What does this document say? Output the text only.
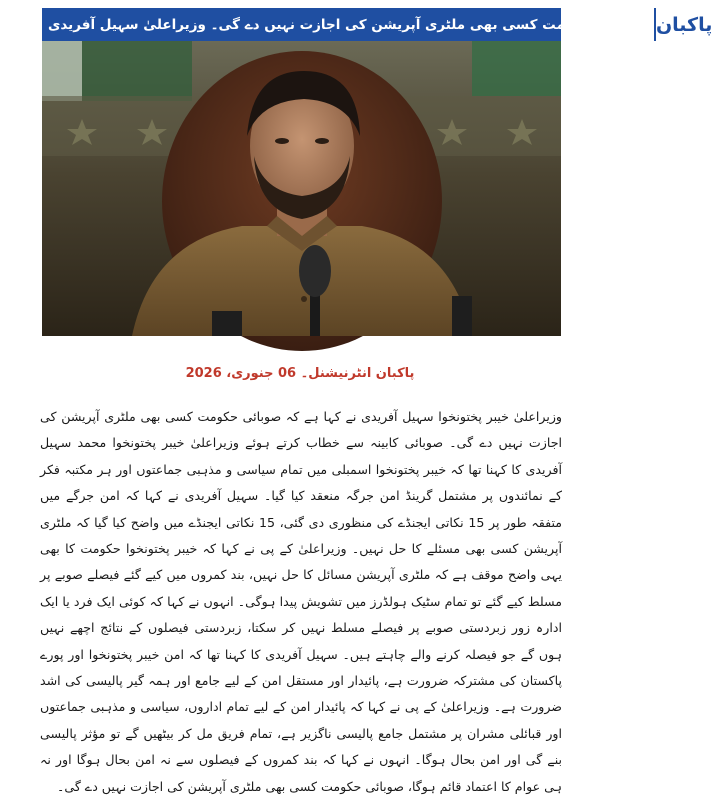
صوبائی حکومت کسی بھی ملٹری آپریشن کی اجازت نہیں دے گی۔ وزیراعلیٰ سہیل آفریدی پاکبان
پاکبان انٹرنیشنل۔ 06 جنوری، 2026

وزیراعلیٰ خیبر پختونخوا سہیل آفریدی نے کہا ہے کہ صوبائی حکومت کسی بھی ملٹری آپریشن کی اجازت نہیں دے گی۔ صوبائی کابینہ سے خطاب کرتے ہوئے وزیراعلیٰ خیبر پختونخوا محمد سہیل آفریدی کا کہنا تھا کہ خیبر پختونخوا اسمبلی میں تمام سیاسی و مذہبی جماعتوں اور ہر مکتبہ فکر کے نمائندوں پر مشتمل گرینڈ امن جرگہ منعقد کیا گیا۔ سہیل آفریدی نے کہا کہ امن جرگے میں متفقہ طور پر 15 نکاتی ایجنڈے کی منظوری دی گئی، 15 نکاتی ایجنڈے میں واضح کیا گیا کہ ملٹری آپریشن کسی بھی مسئلے کا حل نہیں۔ وزیراعلیٰ کے پی نے کہا کہ خیبر پختونخوا حکومت کا بھی یہی واضح موقف ہے کہ ملٹری آپریشن مسائل کا حل نہیں، بند کمروں میں کیے گئے فیصلے صوبے پر مسلط کیے گئے تو تمام سٹیک ہولڈرز میں تشویش پیدا ہوگی۔ انہوں نے کہا کہ کوئی ایک فرد یا ایک ادارہ زور زبردستی صوبے پر فیصلے مسلط نہیں کر سکتا، زبردستی فیصلوں کے نتائج اچھے نہیں ہوں گے جو فیصلہ کرنے والے چاہتے ہیں۔ سہیل آفریدی کا کہنا تھا کہ امن خیبر پختونخوا اور پورے پاکستان کی مشترکہ ضرورت ہے، پائیدار اور مستقل امن کے لیے جامع اور ہمہ گیر پالیسی کی اشد ضرورت ہے۔ وزیراعلیٰ کے پی نے کہا کہ پائیدار امن کے لیے تمام اداروں، سیاسی و مذہبی جماعتوں اور قبائلی مشران پر مشتمل جامع پالیسی ناگزیر ہے، تمام فریق مل کر بیٹھیں گے تو مؤثر پالیسی بنے گی اور امن بحال ہوگا۔ انہوں نے کہا کہ بند کمروں کے فیصلوں سے نہ امن بحال ہوگا اور نہ ہی عوام کا اعتماد قائم ہوگا، صوبائی حکومت کسی بھی ملٹری آپریشن کی اجازت نہیں دے گی۔
